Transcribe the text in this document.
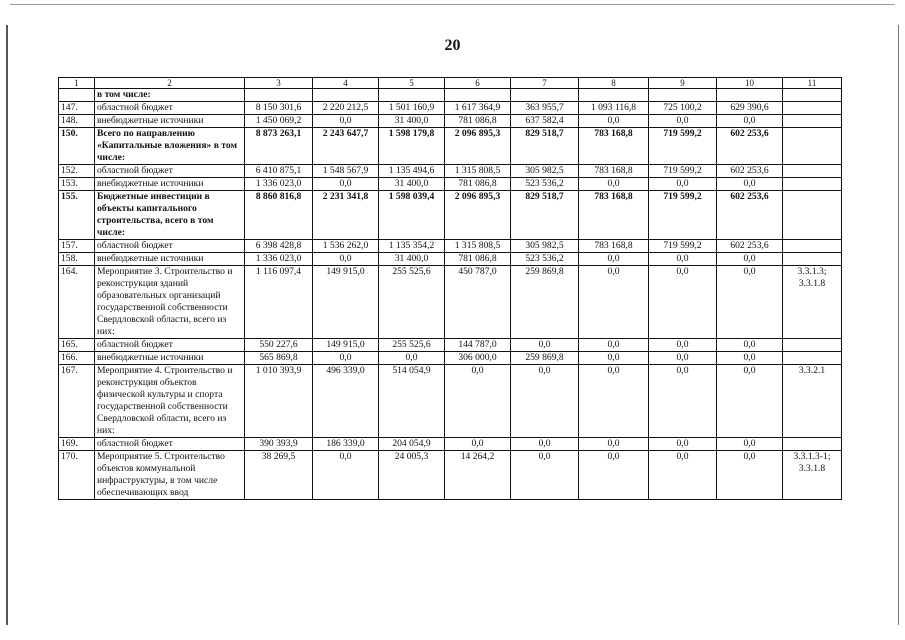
20
1	2	3	4	5	6	7	8	9	10	11
	в том числе:									
147.	областной бюджет	8 150 301,6	2 220 212,5	1 501 160,9	1 617 364,9	363 955,7	1 093 116,8	725 100,2	629 390,6	
148.	внебюджетные источники	1 450 069,2	0,0	31 400,0	781 086,8	637 582,4	0,0	0,0	0,0	
150.	Всего по направлению «Капитальные вложения» в том числе:	8 873 263,1	2 243 647,7	1 598 179,8	2 096 895,3	829 518,7	783 168,8	719 599,2	602 253,6	
152.	областной бюджет	6 410 875,1	1 548 567,9	1 135 494,6	1 315 808,5	305 982,5	783 168,8	719 599,2	602 253,6	
153.	внебюджетные источники	1 336 023,0	0,0	31 400,0	781 086,8	523 536,2	0,0	0,0	0,0	
155.	Бюджетные инвестиции в объекты капитального строительства, всего в том числе:	8 860 816,8	2 231 341,8	1 598 039,4	2 096 895,3	829 518,7	783 168,8	719 599,2	602 253,6	
157.	областной бюджет	6 398 428,8	1 536 262,0	1 135 354,2	1 315 808,5	305 982,5	783 168,8	719 599,2	602 253,6	
158.	внебюджетные источники	1 336 023,0	0,0	31 400,0	781 086,8	523 536,2	0,0	0,0	0,0	
164.	Мероприятие 3. Строительство и реконструкция зданий образовательных организаций государственной собственности Свердловской области, всего из них:	1 116 097,4	149 915,0	255 525,6	450 787,0	259 869,8	0,0	0,0	0,0	3.3.1.3; 3.3.1.8
165.	областной бюджет	550 227,6	149 915,0	255 525,6	144 787,0	0,0	0,0	0,0	0,0	
166.	внебюджетные источники	565 869,8	0,0	0,0	306 000,0	259 869,8	0,0	0,0	0,0	
167.	Мероприятие 4. Строительство и реконструкция объектов физической культуры и спорта государственной собственности Свердловской области, всего из них:	1 010 393,9	496 339,0	514 054,9	0,0	0,0	0,0	0,0	0,0	3.3.2.1
169.	областной бюджет	390 393,9	186 339,0	204 054,9	0,0	0,0	0,0	0,0	0,0	
170.	Мероприятие 5. Строительство объектов коммунальной инфраструктуры, в том числе обеспечивающих ввод	38 269,5	0,0	24 005,3	14 264,2	0,0	0,0	0,0	0,0	3.3.1.3-1; 3.3.1.8
